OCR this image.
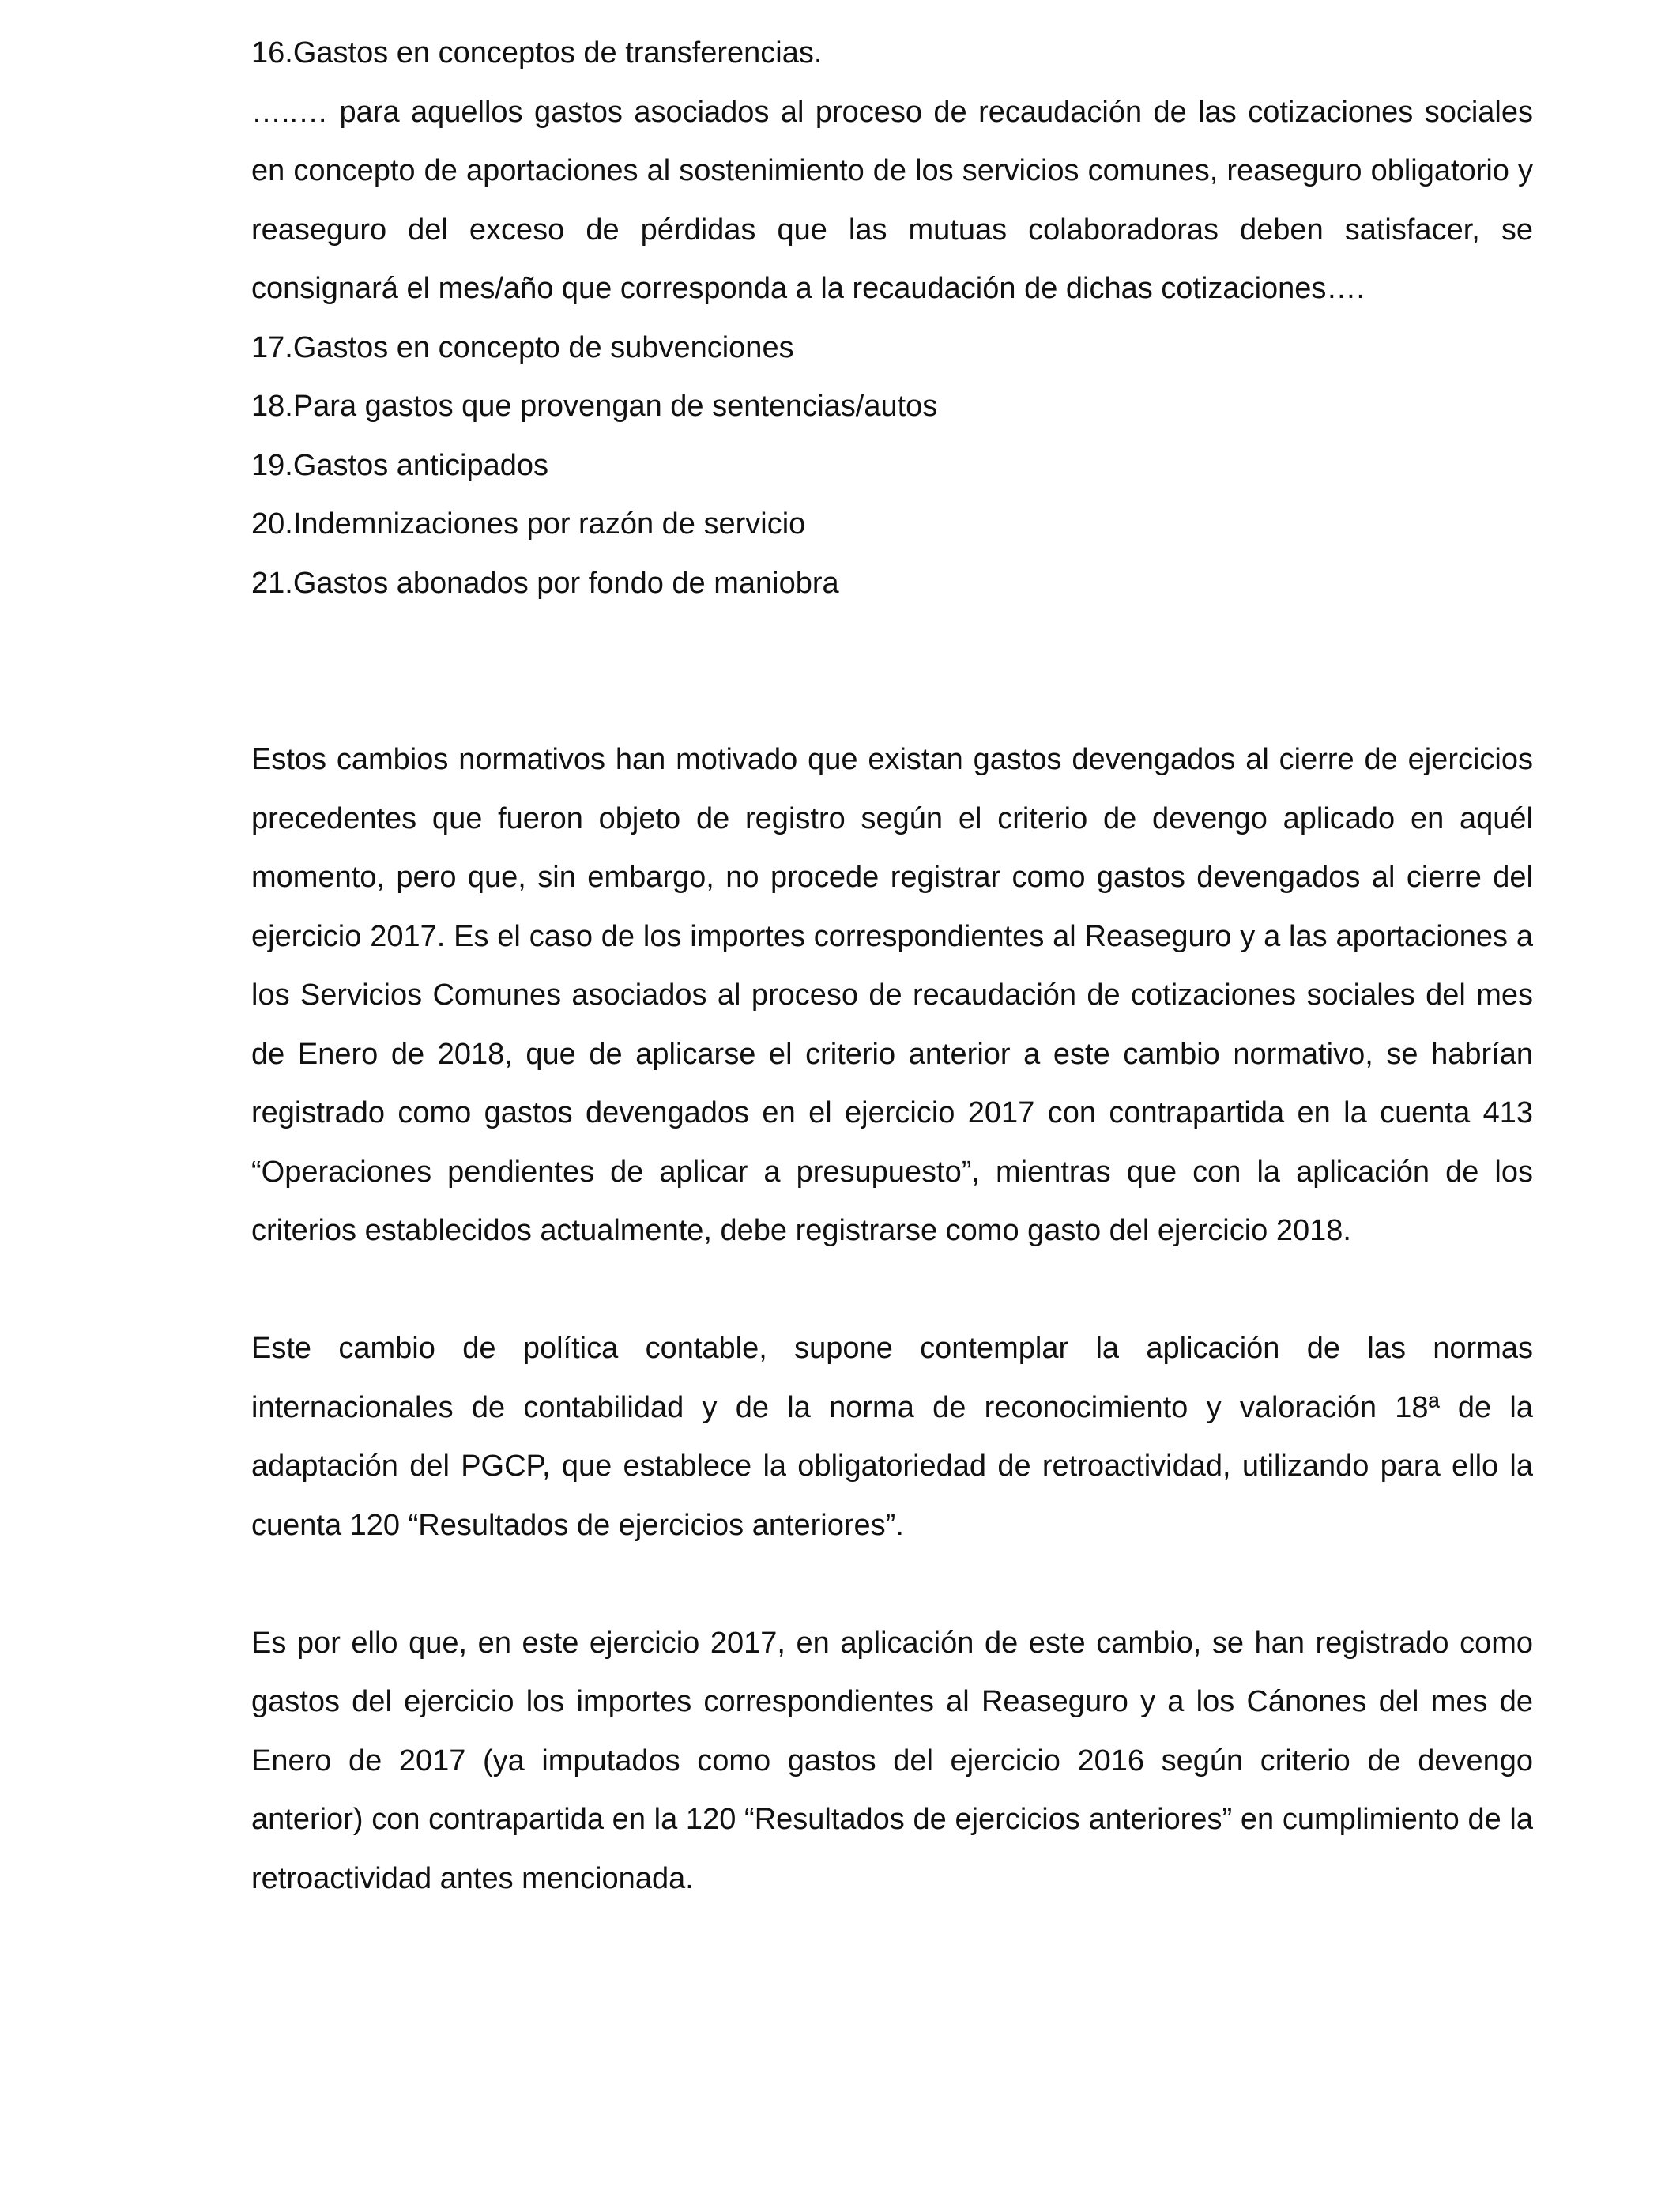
16.Gastos en conceptos de transferencias.

…..… para aquellos gastos asociados al proceso de recaudación de las cotizaciones sociales en concepto de aportaciones al sostenimiento de los servicios comunes, reaseguro obligatorio y reaseguro del exceso de pérdidas que las mutuas colaboradoras deben satisfacer, se consignará el mes/año que corresponda a la recaudación de dichas cotizaciones….

17.Gastos en concepto de subvenciones

18.Para gastos que provengan de sentencias/autos

19.Gastos anticipados

20.Indemnizaciones por razón de servicio

21.Gastos abonados por fondo de maniobra

Estos cambios normativos han motivado que existan gastos devengados al cierre de ejercicios precedentes que fueron objeto de registro según el criterio de devengo aplicado en aquél momento, pero que, sin embargo, no procede registrar como gastos devengados al cierre del ejercicio 2017. Es el caso de los importes correspondientes al Reaseguro y a las aportaciones a los Servicios Comunes asociados al proceso de recaudación de cotizaciones sociales del mes de Enero de 2018, que de aplicarse el criterio anterior a este cambio normativo, se habrían registrado como gastos devengados en el ejercicio 2017 con contrapartida en la cuenta 413 “Operaciones pendientes de aplicar a presupuesto”, mientras que con la aplicación de los criterios establecidos actualmente, debe registrarse como gasto del ejercicio 2018.

Este cambio de política contable, supone contemplar la aplicación de las normas internacionales de contabilidad y de la norma de reconocimiento y valoración 18ª de la adaptación del PGCP, que establece la obligatoriedad de retroactividad, utilizando para ello la cuenta 120 “Resultados de ejercicios anteriores”.

Es por ello que, en este ejercicio 2017, en aplicación de este cambio, se han registrado como gastos del ejercicio los importes correspondientes al Reaseguro y a los Cánones del mes de Enero de 2017 (ya imputados como gastos del ejercicio 2016 según criterio de devengo anterior) con contrapartida en la 120 “Resultados de ejercicios anteriores” en cumplimiento de la retroactividad antes mencionada.
